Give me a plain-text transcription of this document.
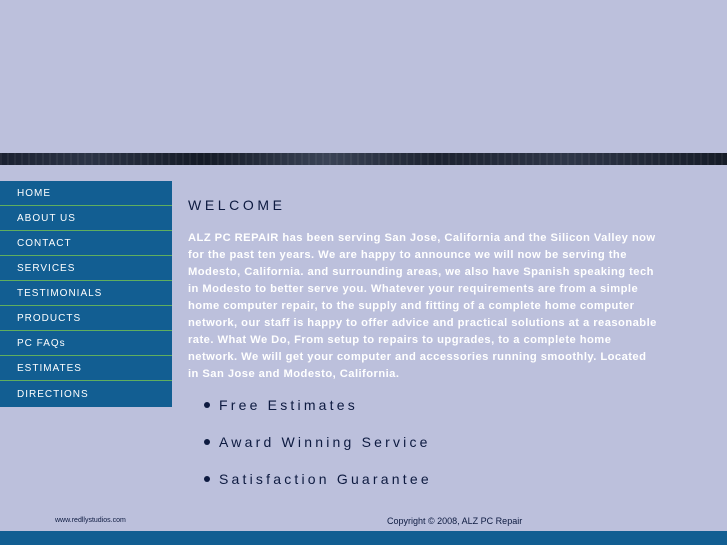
HOME
ABOUT US
CONTACT
SERVICES
TESTIMONIALS
PRODUCTS
PC FAQs
ESTIMATES
DIRECTIONS
WELCOME

ALZ PC REPAIR has been serving San Jose, California and the Silicon Valley now for the past ten years. We are happy to announce we will now be serving the Modesto, California. and surrounding areas, we also have Spanish speaking tech in Modesto to better serve you. Whatever your requirements are from a simple home computer repair, to the supply and fitting of a complete home computer network, our staff is happy to offer advice and practical solutions at a reasonable rate. What We Do, From setup to repairs to upgrades, to a complete home network. We will get your computer and accessories running smoothly. Located in San Jose and Modesto, California.

Free Estimates
Award Winning Service
Satisfaction Guarantee
www.redllystudios.com	Copyright © 2008, ALZ PC Repair
